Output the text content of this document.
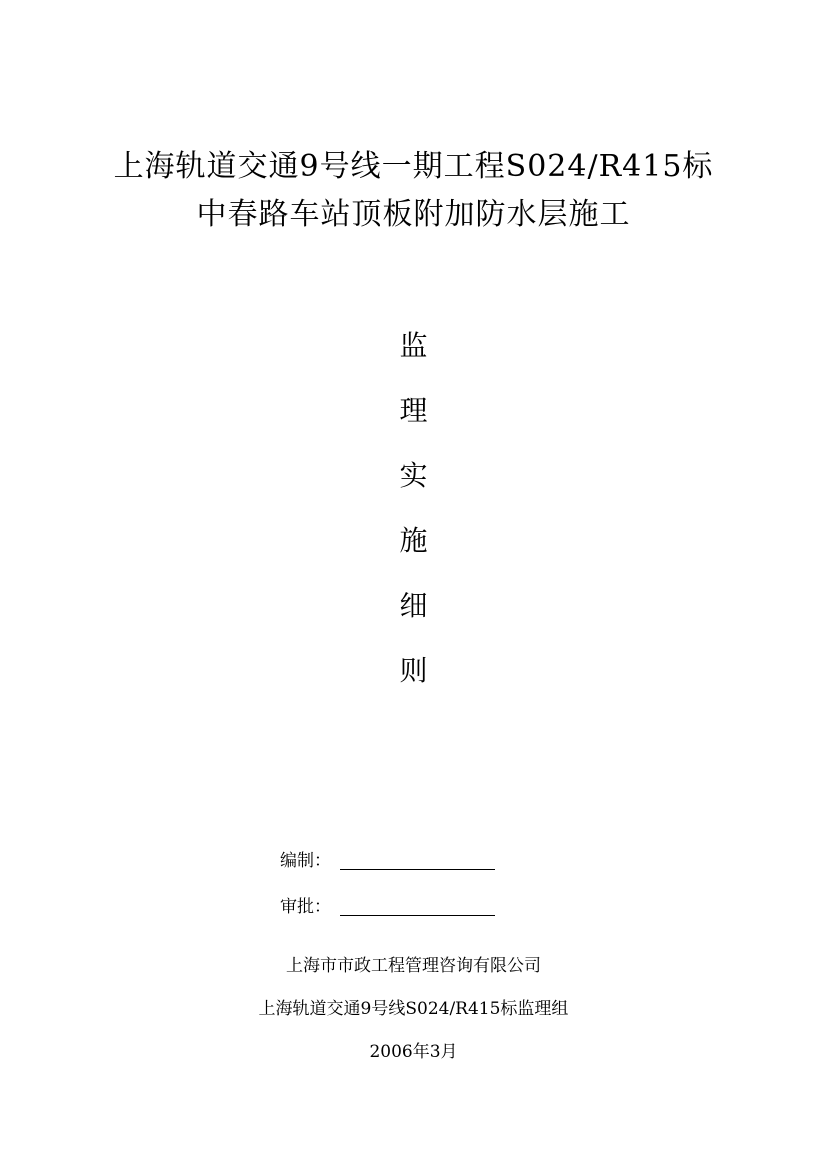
上海轨道交通9号线一期工程S024/R415标
中春路车站顶板附加防水层施工
监
理
实
施
细
则
编制：
审批：
上海市市政工程管理咨询有限公司
上海轨道交通9号线S024/R415标监理组
2006年3月
